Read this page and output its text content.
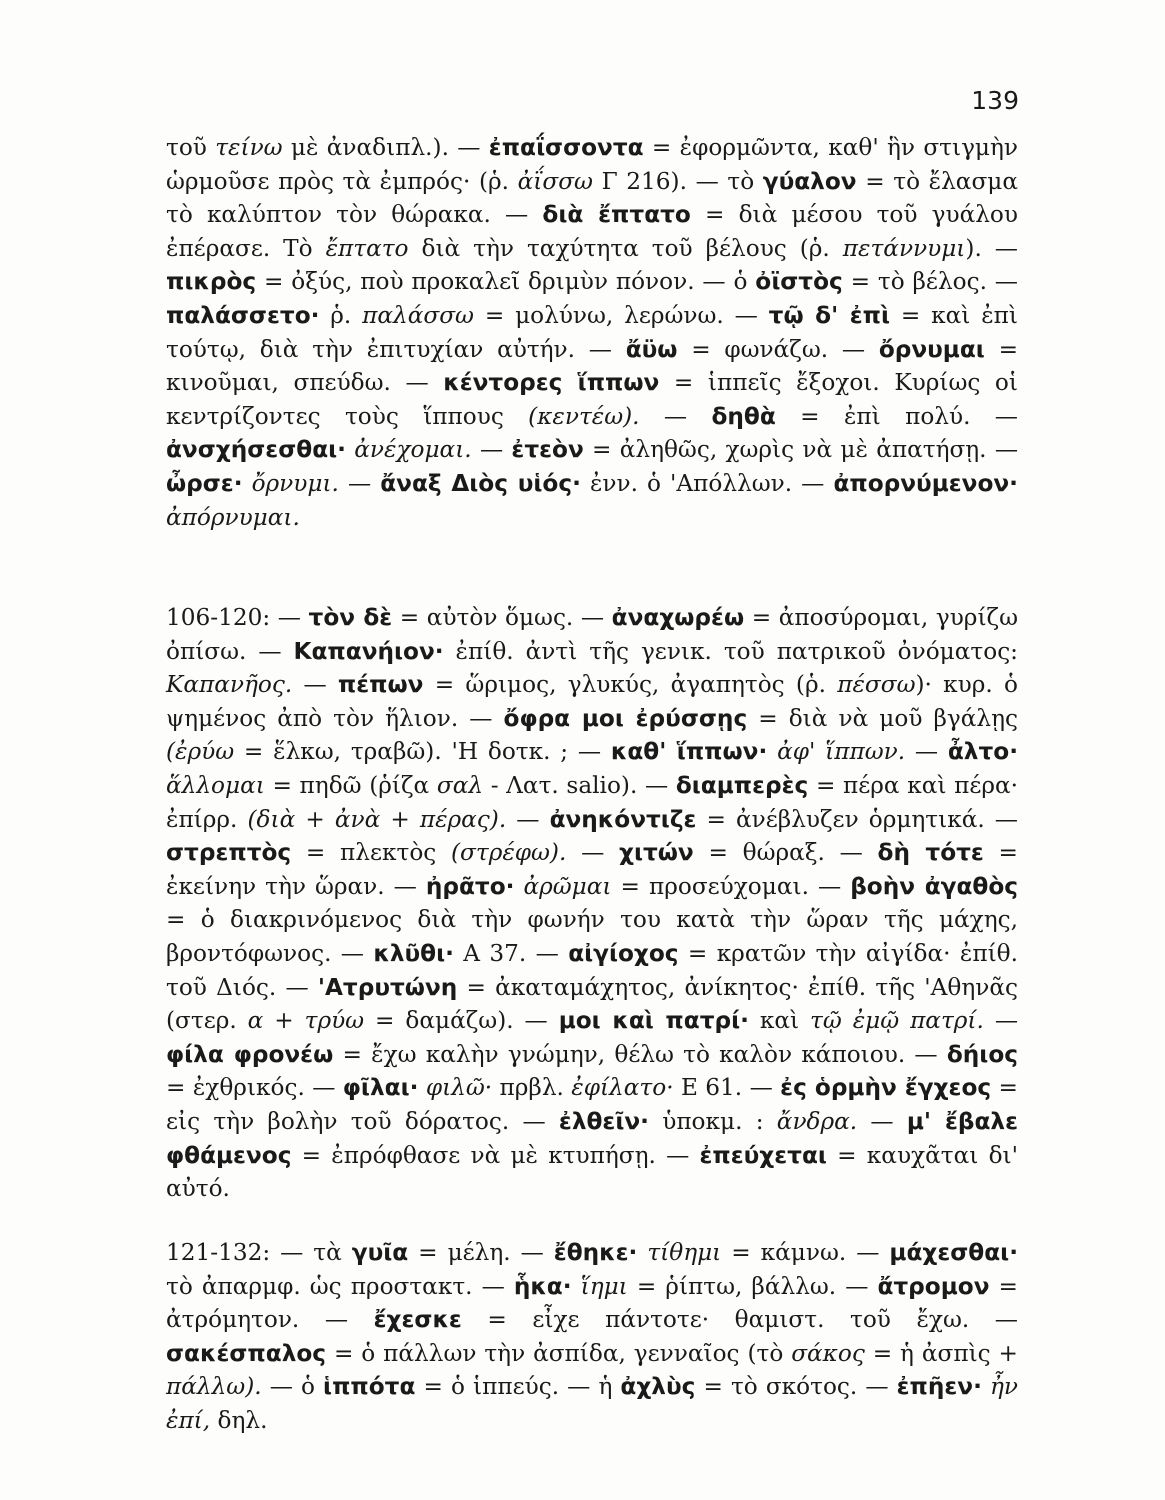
139
τοῦ τείνω μὲ ἀναδιπλ.). — ἐπαΐσσοντα = ἐφορμῶντα, καθ' ἣν στιγμὴν ὡρμοῦσε πρὸς τὰ ἐμπρός· (ῥ. ἀΐσσω Γ 216). — τὸ γύαλον = τὸ ἔλασμα τὸ καλύπτον τὸν θώρακα. — διὰ ἔπτατο = διὰ μέσου τοῦ γυάλου ἐπέρασε. Τὸ ἔπτατο διὰ τὴν ταχύτητα τοῦ βέλους (ῥ. πετάννυμι). — πικρὸς = ὀξύς, ποὺ προκαλεῖ δριμὺν πόνον. — ὁ ὀϊστὸς = τὸ βέλος. — παλάσσετο· ῥ. παλάσσω = μολύνω, λερώνω. — τῷ δ' ἐπὶ = καὶ ἐπὶ τούτῳ, διὰ τὴν ἐπιτυχίαν αὐτήν. — ἄϋω = φωνάζω. — ὄρνυμαι = κινοῦμαι, σπεύδω. — κέντορες ἵππων = ἱππεῖς ἔξοχοι. Κυρίως οἱ κεντρίζοντες τοὺς ἵππους (κεντέω). — δηθὰ = ἐπὶ πολύ. — ἀνσχήσεσθαι· ἀνέχομαι. — ἐτεὸν = ἀληθῶς, χωρὶς νὰ μὲ ἀπατήσῃ. — ὦρσε· ὄρνυμι. — ἄναξ Διὸς υἱός· ἐνν. ὁ 'Απόλλων. — ἀπορνύμενον· ἀπόρνυμαι.
106-120: — τὸν δὲ = αὐτὸν ὅμως. — ἀναχωρέω = ἀποσύρομαι, γυρίζω ὀπίσω. — Καπανήιον· ἐπίθ. ἀντὶ τῆς γενικ. τοῦ πατρικοῦ ὀνόματος: Καπανῆος. — πέπων = ὥριμος, γλυκύς, ἀγαπητὸς (ῥ. πέσσω)· κυρ. ὁ ψημένος ἀπὸ τὸν ἥλιον. — ὄφρα μοι ἐρύσσῃς = διὰ νὰ μοῦ βγάλῃς (ἐρύω = ἕλκω, τραβῶ). 'Η δοτκ. ; — καθ' ἵππων· ἀφ' ἵππων. — ἆλτο· ἅλλομαι = πηδῶ (ῥίζα σαλ - Λατ. salio). — διαμπερὲς = πέρα καὶ πέρα· ἐπίρρ. (διὰ + ἀνὰ + πέρας). — ἀνηκόντιζε = ἀνέβλυζεν ὁρμητικά. — στρεπτὸς = πλεκτὸς (στρέφω). — χιτών = θώραξ. — δὴ τότε = ἐκείνην τὴν ὥραν. — ἠρᾶτο· ἀρῶμαι = προσεύχομαι. — βοὴν ἀγαθὸς = ὁ διακρινόμενος διὰ τὴν φωνήν του κατὰ τὴν ὥραν τῆς μάχης, βροντόφωνος. — κλῦθι· Α 37. — αἰγίοχος = κρατῶν τὴν αἰγίδα· ἐπίθ. τοῦ Διός. — 'Ατρυτώνη = ἀκαταμάχητος, ἀνίκητος· ἐπίθ. τῆς 'Αθηνᾶς (στερ. α + τρύω = δαμάζω). — μοι καὶ πατρί· καὶ τῷ ἐμῷ πατρί. — φίλα φρονέω = ἔχω καλὴν γνώμην, θέλω τὸ καλὸν κάποιου. — δήιος = ἐχθρικός. — φῖλαι· φιλῶ· πρβλ. ἐφίλατο· Ε 61. — ἐς ὁρμὴν ἔγχεος = εἰς τὴν βολὴν τοῦ δόρατος. — ἐλθεῖν· ὑποκμ. : ἄνδρα. — μ' ἔβαλε φθάμενος = ἐπρόφθασε νὰ μὲ κτυπήσῃ. — ἐπεύχεται = καυχᾶται δι' αὐτό.
121-132: — τὰ γυῖα = μέλη. — ἔθηκε· τίθημι = κάμνω. — μάχεσθαι· τὸ ἀπαρμφ. ὡς προστακτ. — ἧκα· ἵημι = ῥίπτω, βάλλω. — ἄτρομον = ἀτρόμητον. — ἔχεσκε = εἶχε πάντοτε· θαμιστ. τοῦ ἔχω. — σακέσπαλος = ὁ πάλλων τὴν ἀσπίδα, γενναῖος (τὸ σάκος = ἡ ἀσπὶς + πάλλω). — ὁ ἱππότα = ὁ ἱππεύς. — ἡ ἀχλὺς = τὸ σκότος. — ἐπῆεν· ἦν ἐπί, δηλ.
